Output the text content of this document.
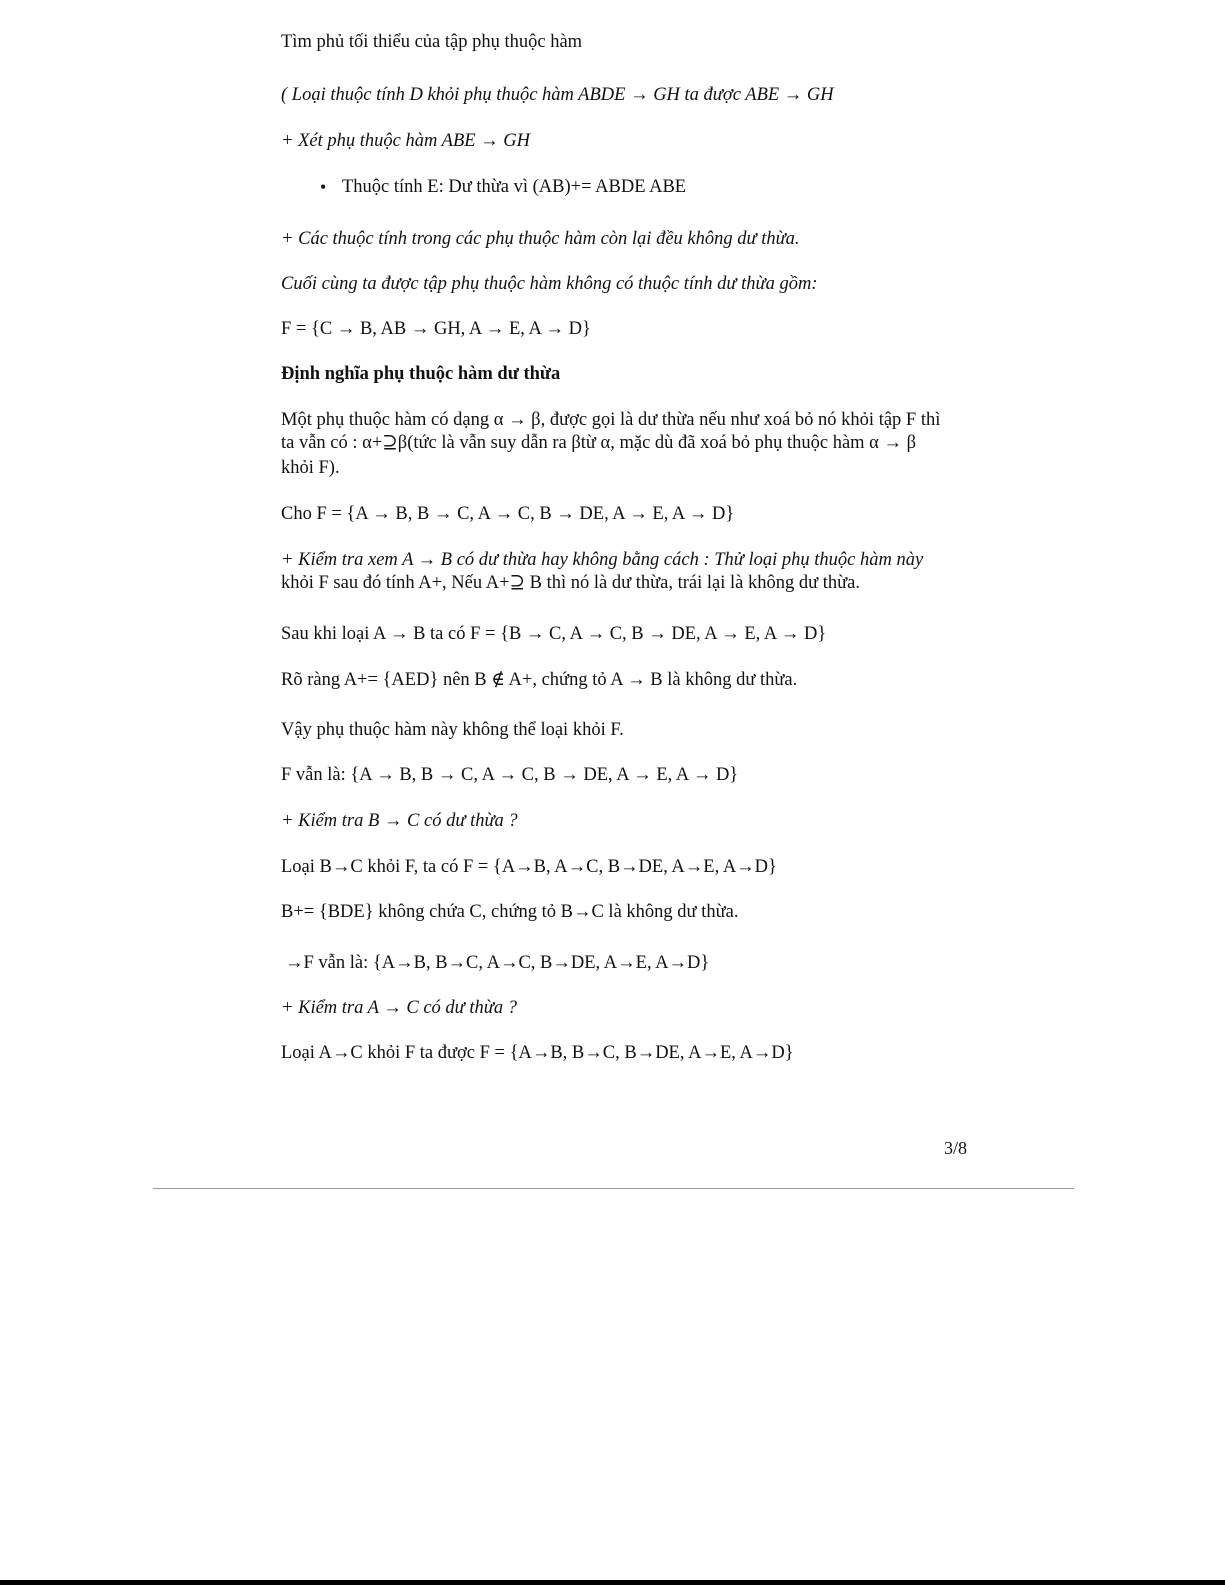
Tìm phủ tối thiểu của tập phụ thuộc hàm
( Loại thuộc tính D khỏi phụ thuộc hàm ABDE → GH ta được ABE → GH
+ Xét phụ thuộc hàm ABE → GH
• Thuộc tính E: Dư thừa vì (AB)+= ABDE ABE
+ Các thuộc tính trong các phụ thuộc hàm còn lại đều không dư thừa.
Cuối cùng ta được tập phụ thuộc hàm không có thuộc tính dư thừa gồm:
F = {C → B, AB → GH, A → E, A → D}
Định nghĩa phụ thuộc hàm dư thừa
Một phụ thuộc hàm có dạng α → β, được gọi là dư thừa nếu như xoá bỏ nó khỏi tập F thì
ta vẫn có : α+⊇β(tức là vẫn suy dẫn ra βtừ α, mặc dù đã xoá bỏ phụ thuộc hàm α → β
khỏi F).
Cho F = {A → B, B → C, A → C, B → DE, A → E, A → D}
+ Kiểm tra xem A → B có dư thừa hay không bằng cách : Thử loại phụ thuộc hàm này
khỏi F sau đó tính A+, Nếu A+⊇ B thì nó là dư thừa, trái lại là không dư thừa.
Sau khi loại A → B ta có F = {B → C, A → C, B → DE, A → E, A → D}
Rõ ràng A+= {AED} nên B ∉ A+, chứng tỏ A → B là không dư thừa.
Vậy phụ thuộc hàm này không thể loại khỏi F.
F vẫn là: {A → B, B → C, A → C, B → DE, A → E, A → D}
+ Kiểm tra B → C có dư thừa ?
Loại B→C khỏi F, ta có F = {A→B, A→C, B→DE, A→E, A→D}
B+= {BDE} không chứa C, chứng tỏ B→C là không dư thừa.
→F vẫn là: {A→B, B→C, A→C, B→DE, A→E, A→D}
+ Kiểm tra A → C có dư thừa ?
Loại A→C khỏi F ta được F = {A→B, B→C, B→DE, A→E, A→D}
3/8
